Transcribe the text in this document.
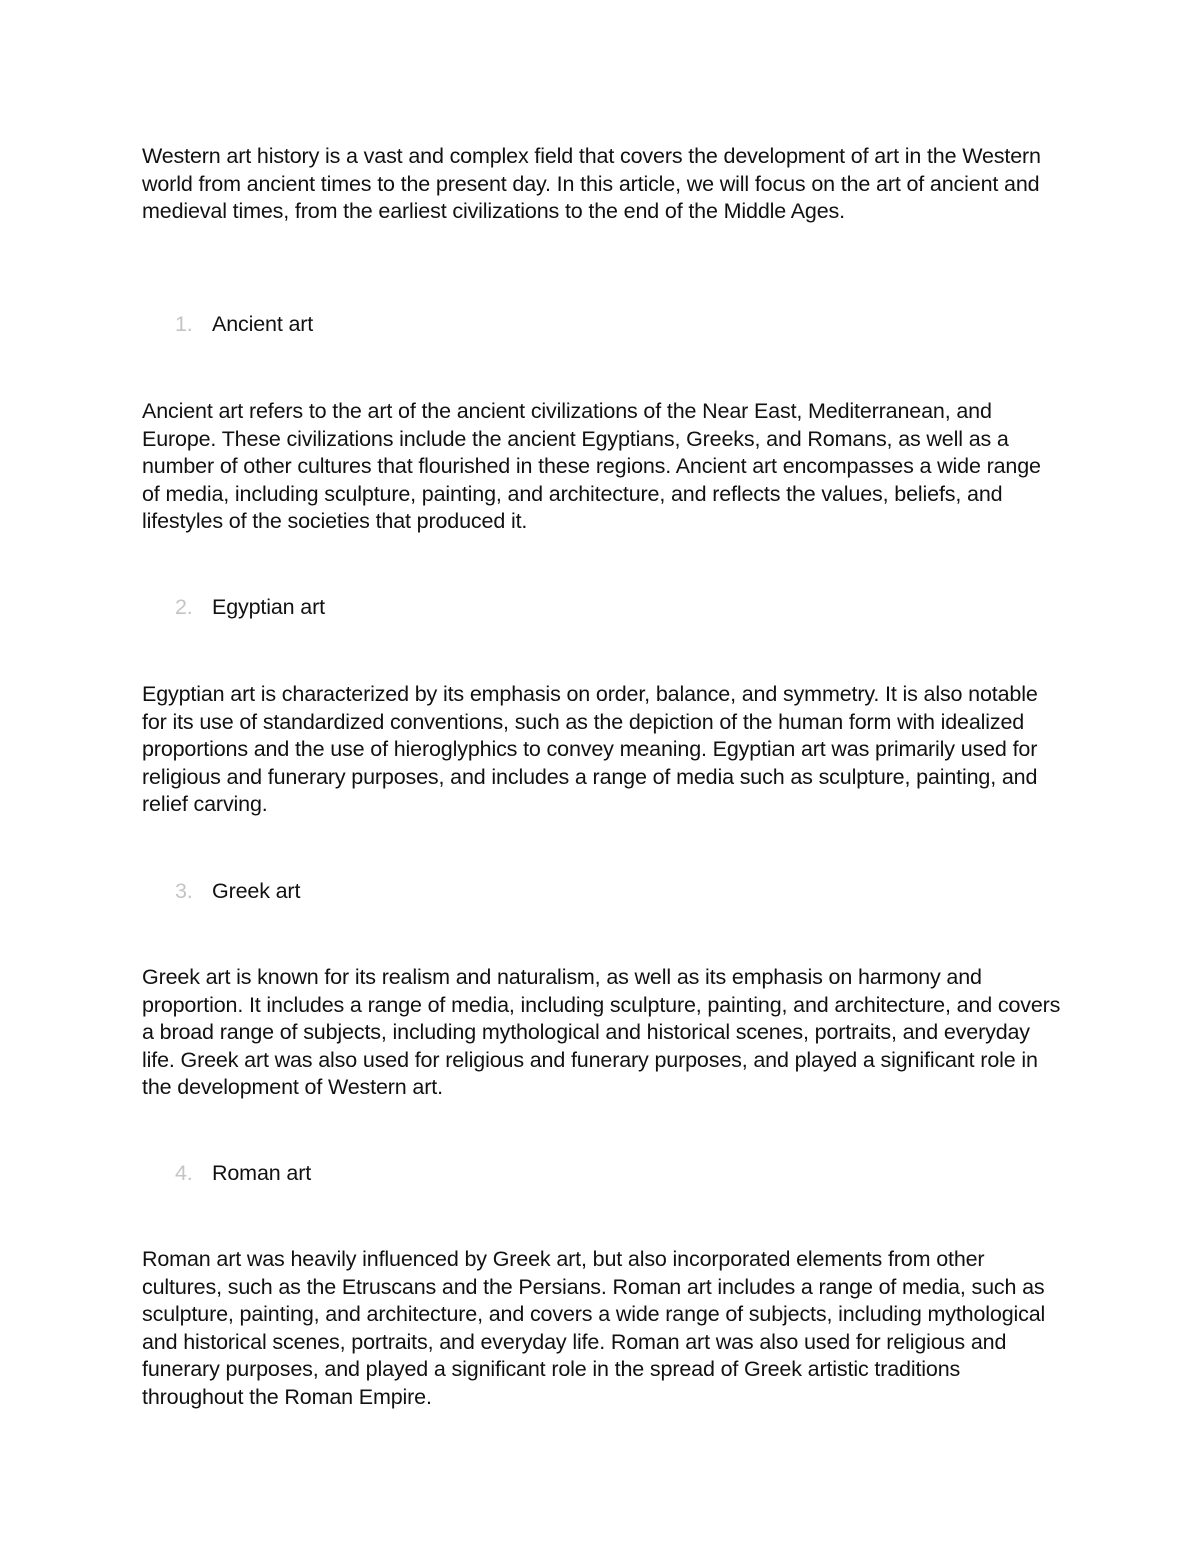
Western art history is a vast and complex field that covers the development of art in the Western world from ancient times to the present day. In this article, we will focus on the art of ancient and medieval times, from the earliest civilizations to the end of the Middle Ages.

1. Ancient art

Ancient art refers to the art of the ancient civilizations of the Near East, Mediterranean, and Europe. These civilizations include the ancient Egyptians, Greeks, and Romans, as well as a number of other cultures that flourished in these regions. Ancient art encompasses a wide range of media, including sculpture, painting, and architecture, and reflects the values, beliefs, and lifestyles of the societies that produced it.

2. Egyptian art

Egyptian art is characterized by its emphasis on order, balance, and symmetry. It is also notable for its use of standardized conventions, such as the depiction of the human form with idealized proportions and the use of hieroglyphics to convey meaning. Egyptian art was primarily used for religious and funerary purposes, and includes a range of media such as sculpture, painting, and relief carving.

3. Greek art

Greek art is known for its realism and naturalism, as well as its emphasis on harmony and proportion. It includes a range of media, including sculpture, painting, and architecture, and covers a broad range of subjects, including mythological and historical scenes, portraits, and everyday life. Greek art was also used for religious and funerary purposes, and played a significant role in the development of Western art.

4. Roman art

Roman art was heavily influenced by Greek art, but also incorporated elements from other cultures, such as the Etruscans and the Persians. Roman art includes a range of media, such as sculpture, painting, and architecture, and covers a wide range of subjects, including mythological and historical scenes, portraits, and everyday life. Roman art was also used for religious and funerary purposes, and played a significant role in the spread of Greek artistic traditions throughout the Roman Empire.
